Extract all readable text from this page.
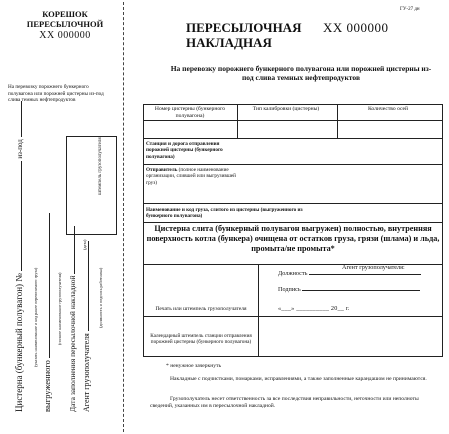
КОРЕШОК
ПЕРЕСЫЛОЧНОЙ
ХХ 000000
На перевозку порожнего бункерного полувагона или порожней цистерны из-под слива темных нефтепродуктов
штемпель грузополучателя
Цистерна (бункерный полувагон) №  из-под
(указать наименование и код ранее перевозимого груза)
выгруженного
(полное наименование грузополучателя) Дата заполнения пересылочной накладной
(дата)
Агент грузополучателя
(должность и подпись работника)
ГУ-27 дн
ПЕРЕСЫЛОЧНАЯ
НАКЛАДНАЯ
ХХ 000000
На перевозку порожнего бункерного полувагона или порожней цистерны из-под слива темных нефтепродуктов
Номер цистерны (бункерного полувагона)
Тип калибровки (цистерны)	Количество осей
Станция и дорога отправления порожней цистерны (бункерного полувагона)
Отправитель (полное наименование организации, слившей или выгрузившей груз)
Наименование и код груза, слитого из цистерны (выгруженного из бункерного полувагона)
Цистерна слита (бункерный полувагон выгружен) полностью, внутренняя поверхность котла (бункера) очищена от остатков груза, грязи (шлама) и льда, промыта/не промыта*
Печать или штемпель грузополучателя
Агент грузополучателя:
Должность
Подпись
«___» __________ 20__ г.
Календарный штемпель станции отправления порожней цистерны (бункерного полувагона)
* ненужное зачеркнуть
Накладные с подчистками, помарками, исправлениями, а также заполненные карандашом не принимаются.
Грузополучатель несет ответственность за все последствия неправильности, неточности или неполноты сведений, указанных им в пересылочной накладной.
